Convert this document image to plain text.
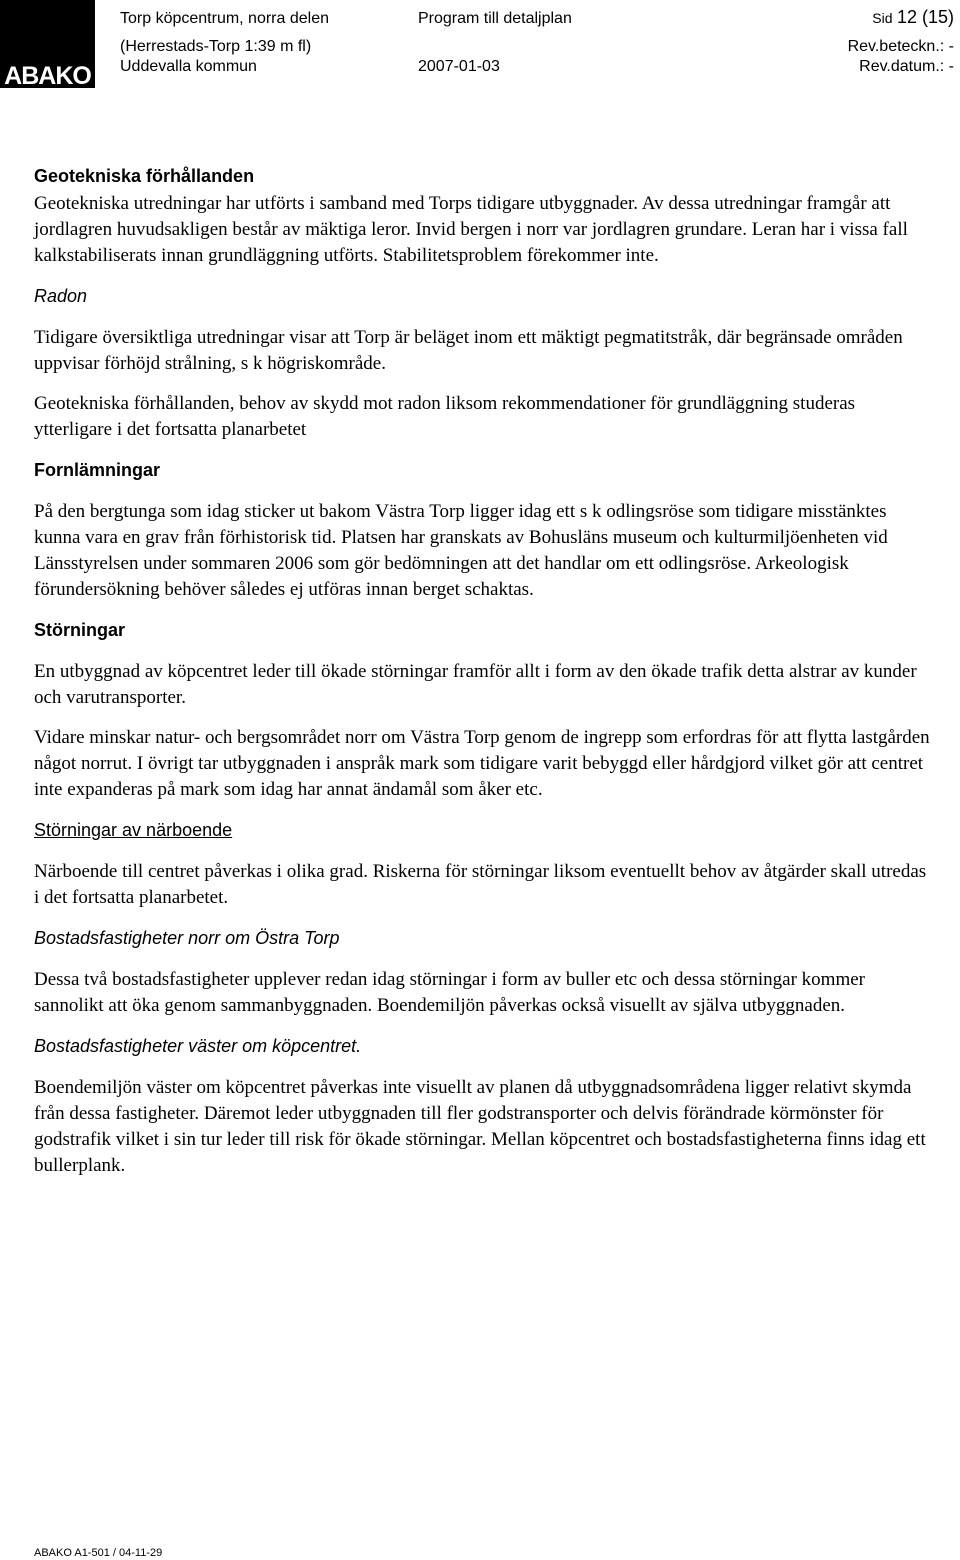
ABAKO
Torp köpcentrum, norra delen	Program till detaljplan	Sid 12 (15)
(Herrestads-Torp 1:39 m fl)	Rev.beteckn.: -
Uddevalla kommun	2007-01-03	Rev.datum.: -
Geotekniska förhållanden

Geotekniska utredningar har utförts i samband med Torps tidigare utbyggnader. Av dessa utredningar framgår att jordlagren huvudsakligen består av mäktiga leror. Invid bergen i norr var jordlagren grundare. Leran har i vissa fall kalkstabiliserats innan grundläggning utförts. Stabilitetsproblem förekommer inte.

Radon

Tidigare översiktliga utredningar visar att Torp är beläget inom ett mäktigt pegmatitstråk, där begränsade områden uppvisar förhöjd strålning, s k högriskområde.

Geotekniska förhållanden, behov av skydd mot radon liksom rekommendationer för grundläggning studeras ytterligare i det fortsatta planarbetet

Fornlämningar

På den bergtunga som idag sticker ut bakom Västra Torp ligger idag ett s k odlingsröse som tidigare misstänktes kunna vara en grav från förhistorisk tid. Platsen har granskats av Bohusläns museum och kulturmiljöenheten vid Länsstyrelsen under sommaren 2006 som gör bedömningen att det handlar om ett odlingsröse. Arkeologisk förundersökning behöver således ej utföras innan berget schaktas.

Störningar

En utbyggnad av köpcentret leder till ökade störningar framför allt i form av den ökade trafik detta alstrar av kunder och varutransporter.

Vidare minskar natur- och bergsområdet norr om Västra Torp genom de ingrepp som erfordras för att flytta lastgården något norrut. I övrigt tar utbyggnaden i anspråk mark som tidigare varit bebyggd eller hårdgjord vilket gör att centret inte expanderas på mark som idag har annat ändamål som åker etc.

Störningar av närboende

Närboende till centret påverkas i olika grad. Riskerna för störningar liksom eventuellt behov av åtgärder skall utredas i det fortsatta planarbetet.

Bostadsfastigheter norr om Östra Torp

Dessa två bostadsfastigheter upplever redan idag störningar i form av buller etc och dessa störningar kommer sannolikt att öka genom sammanbyggnaden. Boendemiljön påverkas också visuellt av själva utbyggnaden.

Bostadsfastigheter väster om köpcentret.

Boendemiljön väster om köpcentret påverkas inte visuellt av planen då utbyggnadsområdena ligger relativt skymda från dessa fastigheter. Däremot leder utbyggnaden till fler godstransporter och delvis förändrade körmönster för godstrafik vilket i sin tur leder till risk för ökade störningar. Mellan köpcentret och bostadsfastigheterna finns idag ett bullerplank.

ABAKO A1-501 / 04-11-29
